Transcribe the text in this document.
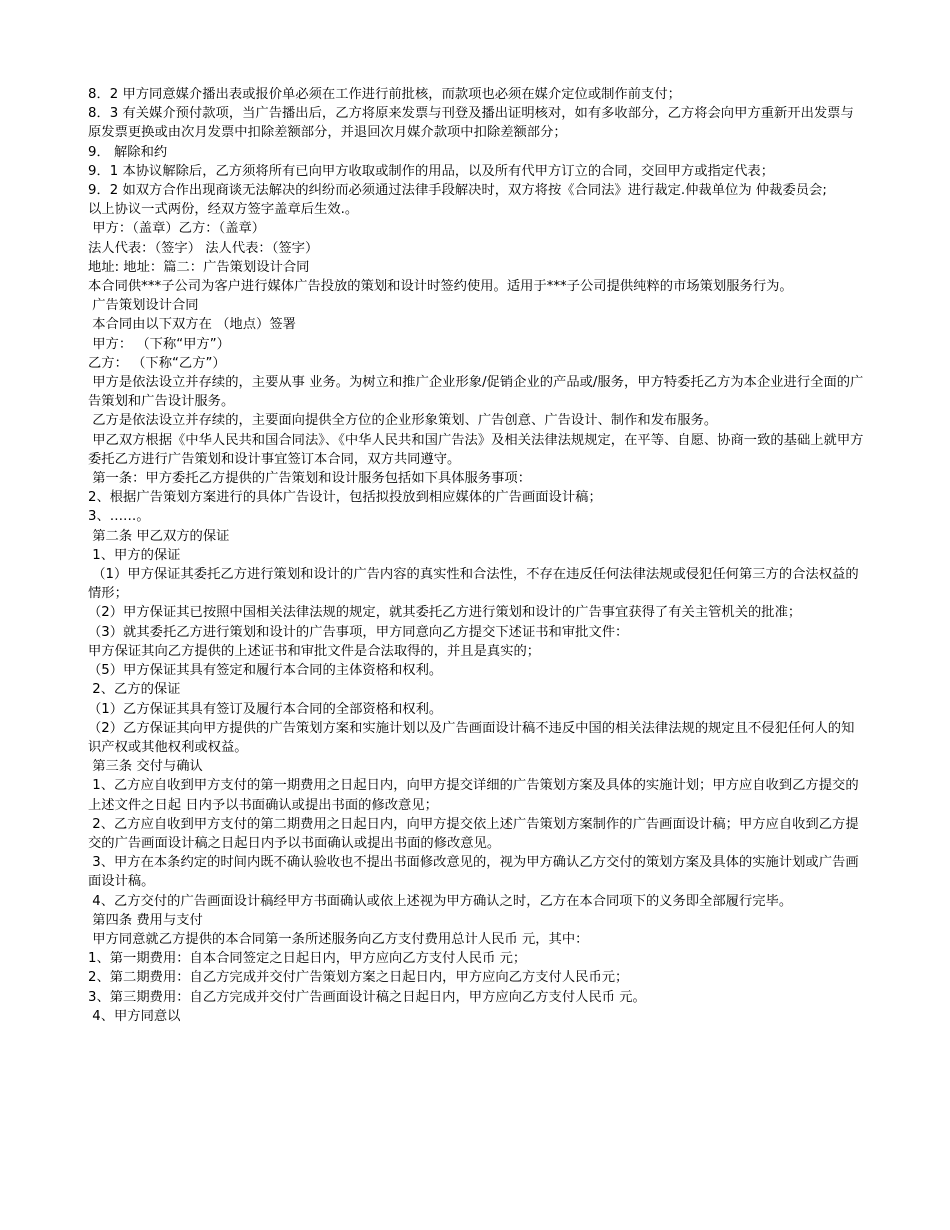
8．2 甲方同意媒介播出表或报价单必须在工作进行前批核，而款项也必须在媒介定位或制作前支付；

8．3 有关媒介预付款项，当广告播出后，乙方将原来发票与刊登及播出证明核对，如有多收部分，乙方将会向甲方重新开出发票与原发票更换或由次月发票中扣除差额部分，并退回次月媒介款项中扣除差额部分；

9． 解除和约

9．1 本协议解除后，乙方须将所有已向甲方收取或制作的用品，以及所有代甲方订立的合同，交回甲方或指定代表；

9．2 如双方合作出现商谈无法解决的纠纷而必须通过法律手段解决时，双方将按《合同法》进行裁定.仲裁单位为 仲裁委员会;

以上协议一式两份，经双方签字盖章后生效.。

甲方：（盖章）乙方：（盖章）

法人代表：（签字） 法人代表：（签字）

地址: 地址：篇二：广告策划设计合同

本合同供***子公司为客户进行媒体广告投放的策划和设计时签约使用。适用于***子公司提供纯粹的市场策划服务行为。

广告策划设计合同

本合同由以下双方在 （地点）签署

甲方： （下称“甲方”）

乙方： （下称“乙方”）

甲方是依法设立并存续的，主要从事 业务。为树立和推广企业形象/促销企业的产品或/服务，甲方特委托乙方为本企业进行全面的广告策划和广告设计服务。

乙方是依法设立并存续的，主要面向提供全方位的企业形象策划、广告创意、广告设计、制作和发布服务。

甲乙双方根据《中华人民共和国合同法》、《中华人民共和国广告法》及相关法律法规规定，在平等、自愿、协商一致的基础上就甲方委托乙方进行广告策划和设计事宜签订本合同，双方共同遵守。

第一条：甲方委托乙方提供的广告策划和设计服务包括如下具体服务事项：

2、根据广告策划方案进行的具体广告设计，包括拟投放到相应媒体的广告画面设计稿；

3、……。

第二条 甲乙双方的保证

1、甲方的保证

（1）甲方保证其委托乙方进行策划和设计的广告内容的真实性和合法性，不存在违反任何法律法规或侵犯任何第三方的合法权益的情形；

（2）甲方保证其已按照中国相关法律法规的规定，就其委托乙方进行策划和设计的广告事宜获得了有关主管机关的批准；

（3）就其委托乙方进行策划和设计的广告事项，甲方同意向乙方提交下述证书和审批文件：

甲方保证其向乙方提供的上述证书和审批文件是合法取得的，并且是真实的；

（5）甲方保证其具有签定和履行本合同的主体资格和权利。

2、乙方的保证

（1）乙方保证其具有签订及履行本合同的全部资格和权利。

（2）乙方保证其向甲方提供的广告策划方案和实施计划以及广告画面设计稿不违反中国的相关法律法规的规定且不侵犯任何人的知识产权或其他权利或权益。

第三条 交付与确认

1、乙方应自收到甲方支付的第一期费用之日起日内，向甲方提交详细的广告策划方案及具体的实施计划；甲方应自收到乙方提交的上述文件之日起 日内予以书面确认或提出书面的修改意见；

2、乙方应自收到甲方支付的第二期费用之日起日内，向甲方提交依上述广告策划方案制作的广告画面设计稿；甲方应自收到乙方提交的广告画面设计稿之日起日内予以书面确认或提出书面的修改意见。

3、甲方在本条约定的时间内既不确认验收也不提出书面修改意见的，视为甲方确认乙方交付的策划方案及具体的实施计划或广告画面设计稿。

4、乙方交付的广告画面设计稿经甲方书面确认或依上述视为甲方确认之时，乙方在本合同项下的义务即全部履行完毕。

第四条 费用与支付

甲方同意就乙方提供的本合同第一条所述服务向乙方支付费用总计人民币 元，其中：

1、第一期费用：自本合同签定之日起日内，甲方应向乙方支付人民币 元；

2、第二期费用：自乙方完成并交付广告策划方案之日起日内，甲方应向乙方支付人民币元；

3、第三期费用：自乙方完成并交付广告画面设计稿之日起日内，甲方应向乙方支付人民币 元。

4、甲方同意以
